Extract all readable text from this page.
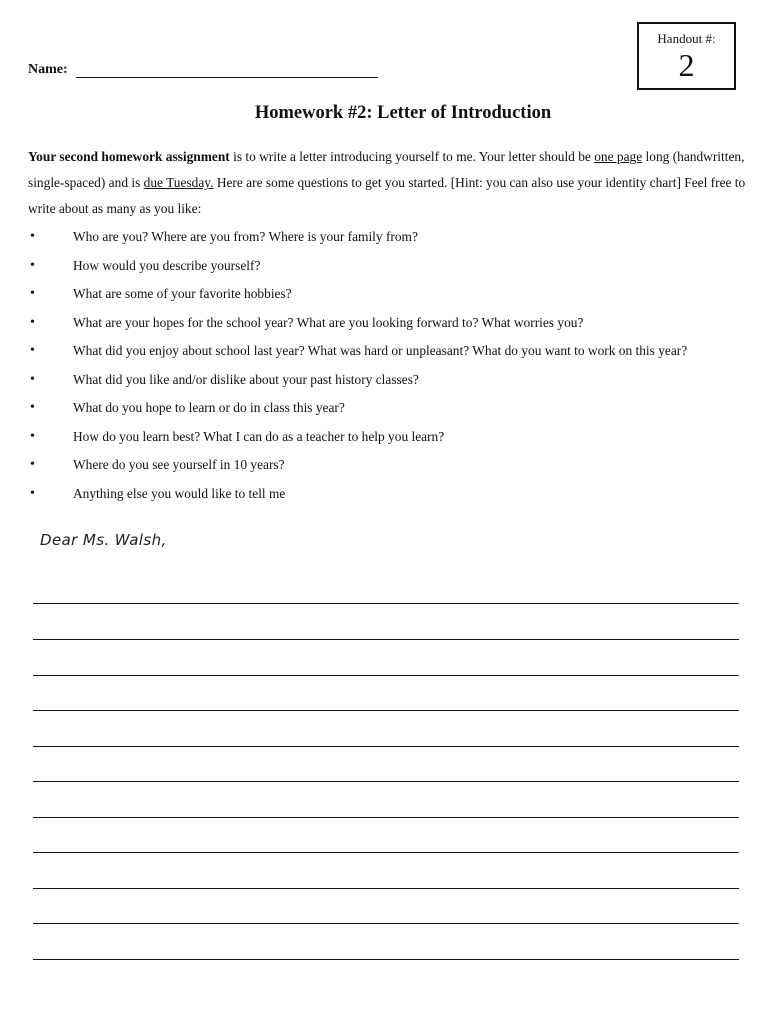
Handout #:
2
Name:
Homework #2: Letter of Introduction
Your second homework assignment is to write a letter introducing yourself to me. Your letter should be one page long (handwritten, single-spaced) and is due Tuesday. Here are some questions to get you started. [Hint: you can also use your identity chart] Feel free to write about as many as you like:
•	Who are you? Where are you from? Where is your family from?
•	How would you describe yourself?
•	What are some of your favorite hobbies?
•	What are your hopes for the school year? What are you looking forward to? What worries you?
•	What did you enjoy about school last year? What was hard or unpleasant? What do you want to work on this year?
•	What did you like and/or dislike about your past history classes?
•	What do you hope to learn or do in class this year?
•	How do you learn best? What I can do as a teacher to help you learn?
•	Where do you see yourself in 10 years?
•	Anything else you would like to tell me
Dear Ms. Walsh,
